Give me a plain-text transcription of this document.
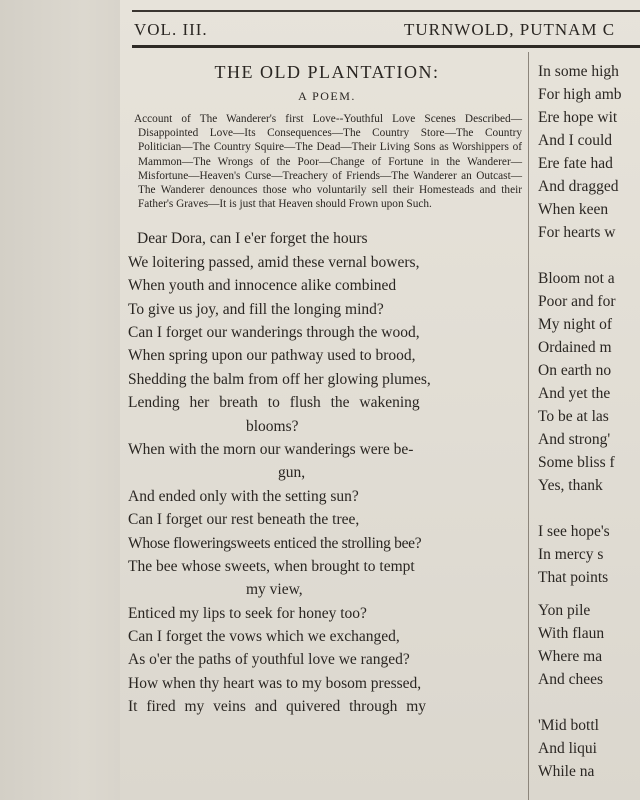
VOL. III.	TURNWOLD, PUTNAM C
THE OLD PLANTATION:
A POEM.
Account of The Wanderer's first Love--Youthful Love Scenes Described—Disappointed Love—Its Consequences—The Country Store—The Country Politician—The Country Squire—The Dead—Their Living Sons as Worshippers of Mammon—The Wrongs of the Poor—Change of Fortune in the Wanderer—Misfortune—Heaven's Curse—Treachery of Friends—The Wanderer an Outcast—The Wanderer denounces those who voluntarily sell their Homesteads and their Father's Graves—It is just that Heaven should Frown upon Such.
Dear Dora, can I e'er forget the hours
We loitering passed, amid these vernal bowers,
When youth and innocence alike combined
To give us joy, and fill the longing mind?
Can I forget our wanderings through the wood,
When spring upon our pathway used to brood,
Shedding the balm from off her glowing plumes,
Lending her breath to flush the wakening
blooms?
When with the morn our wanderings were be-
gun,
And ended only with the setting sun?
Can I forget our rest beneath the tree,
Whose floweringsweets enticed the strolling bee?
The bee whose sweets, when brought to tempt
my view,
Enticed my lips to seek for honey too?
Can I forget the vows which we exchanged,
As o'er the paths of youthful love we ranged?
How when thy heart was to my bosom pressed,
It fired my veins and quivered through my
In some high
For high amb
Ere hope wit
And I could
Ere fate had
And dragged
When keen
For hearts w
Bloom not a
Poor and for
My night of
Ordained m
On earth no
And yet the
To be at las
And strong'
Some bliss f
Yes, thank
I see hope's
In mercy s
That points
Yon pile
With flaun
Where ma
And chees
'Mid bottl
And liqui
While na
